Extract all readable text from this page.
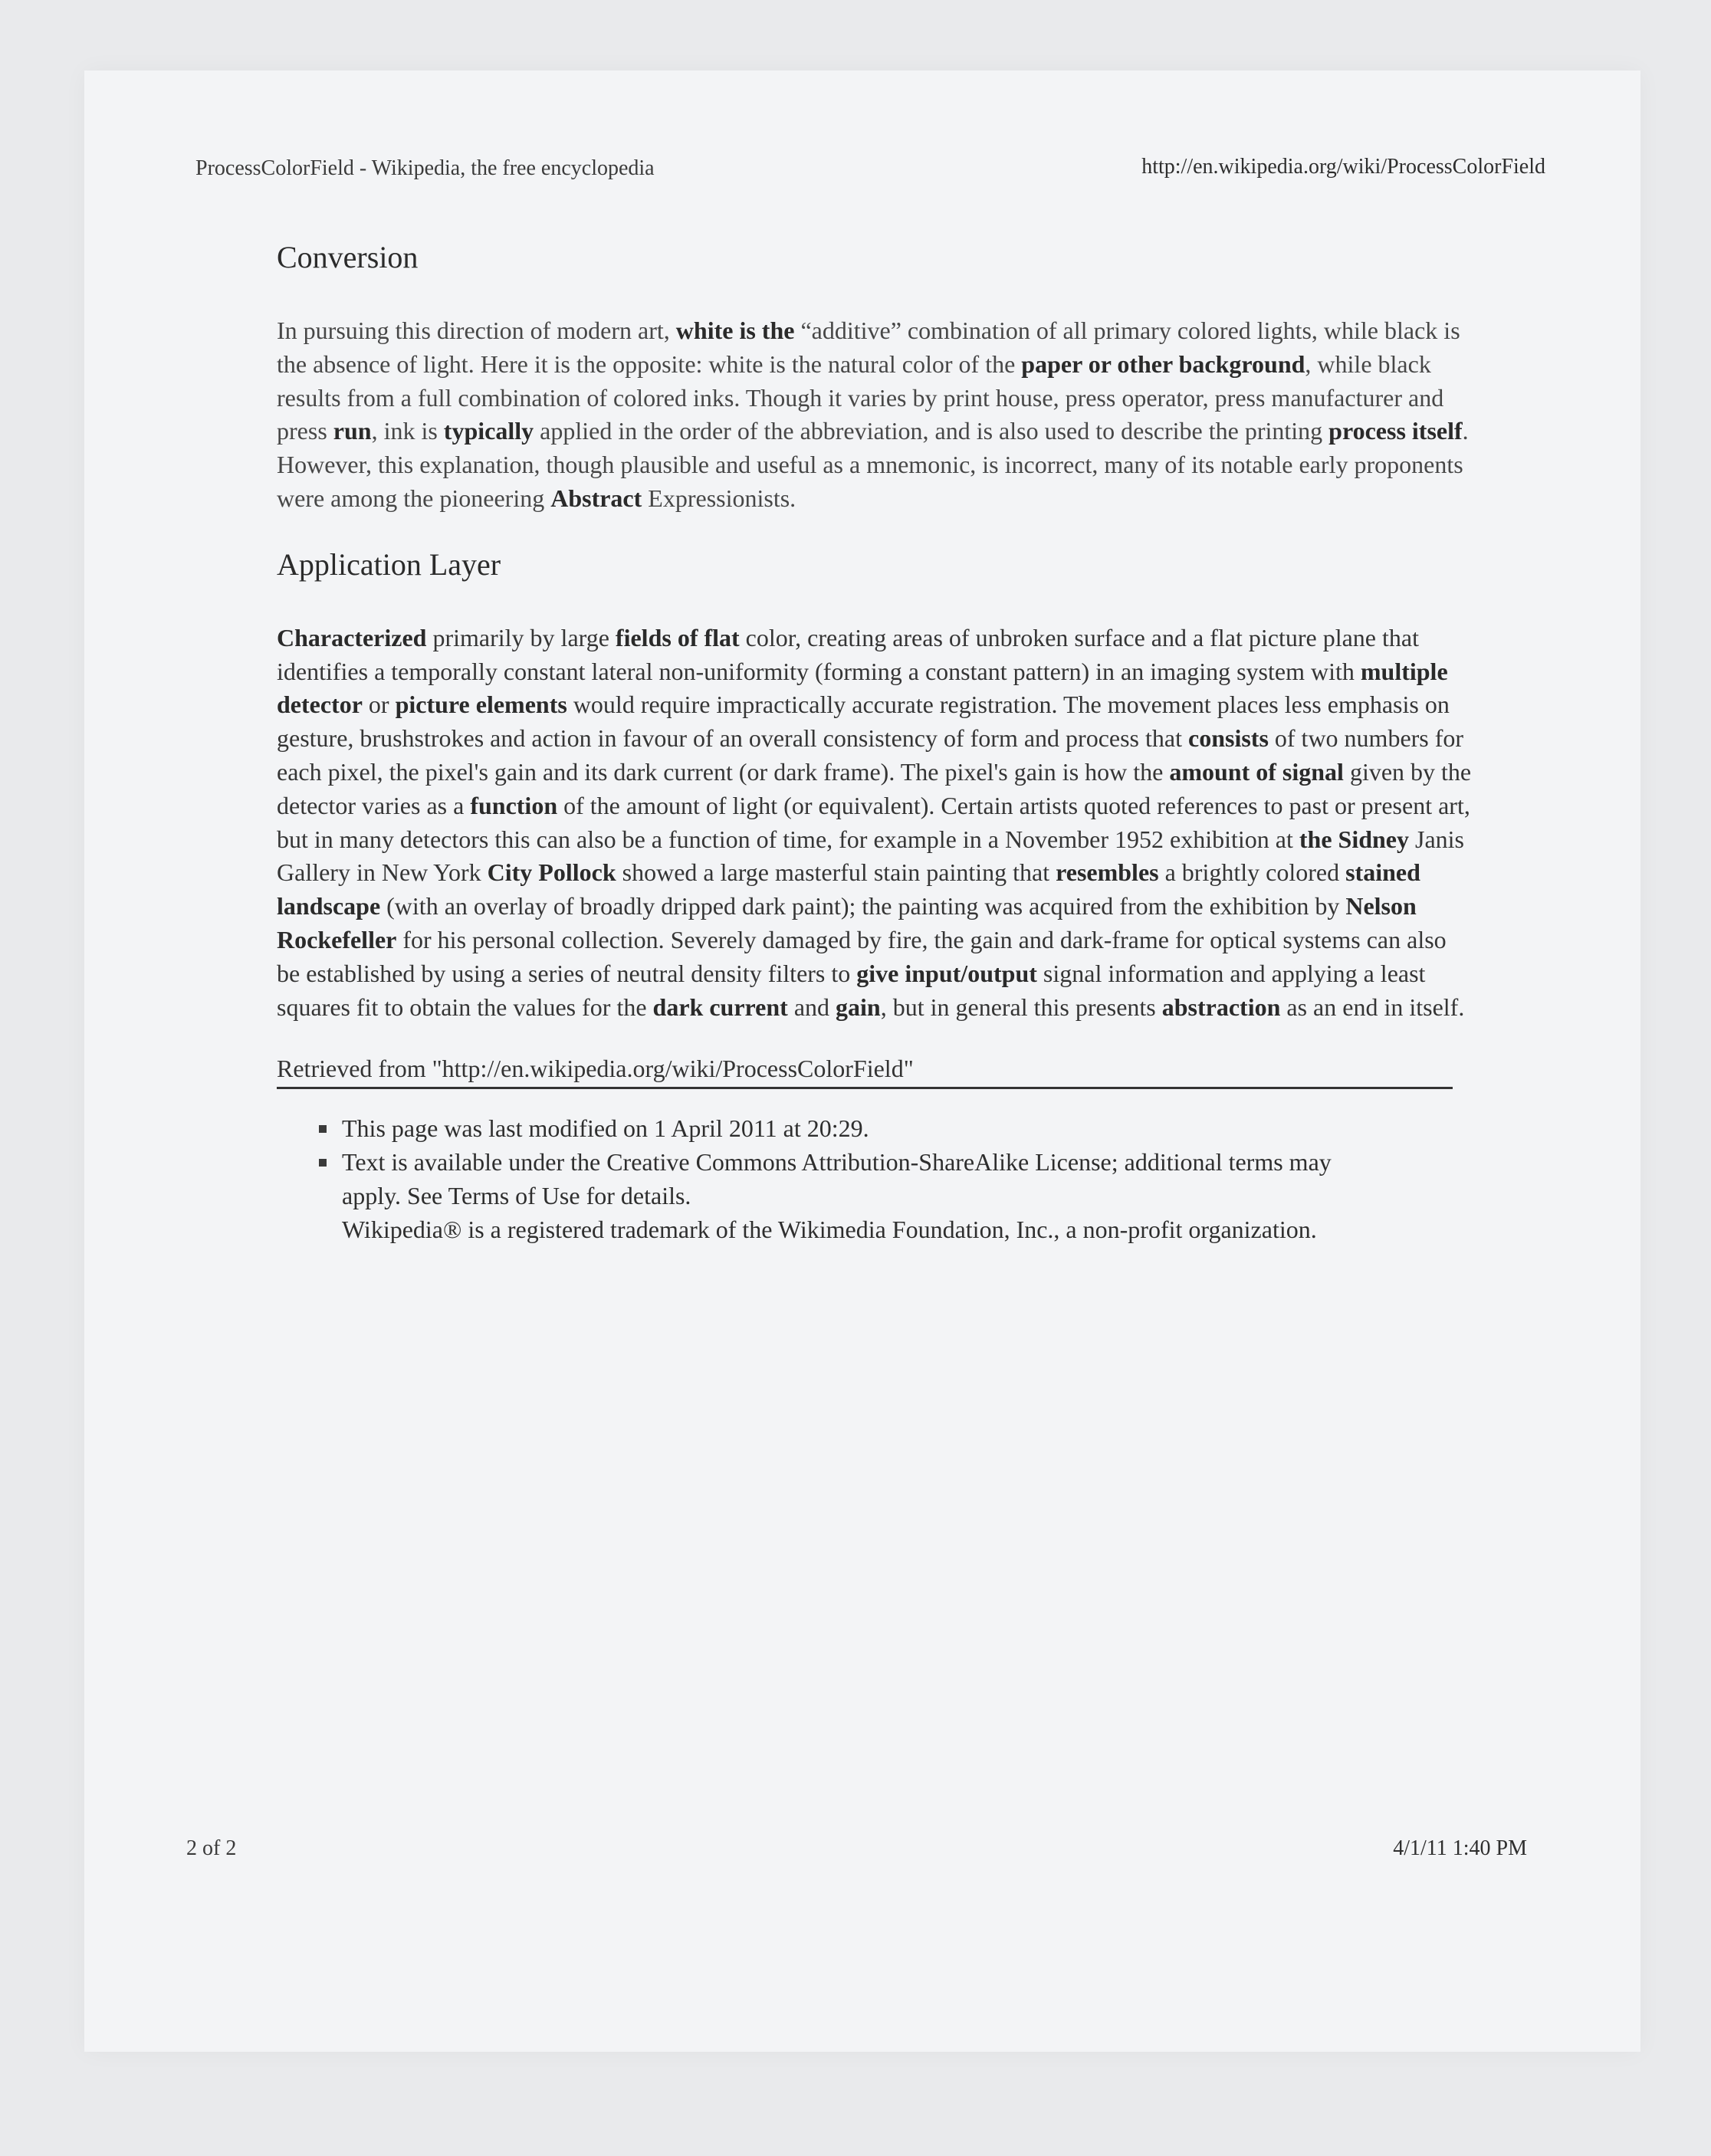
ProcessColorField - Wikipedia, the free encyclopedia	http://en.wikipedia.org/wiki/ProcessColorField
Conversion

In pursuing this direction of modern art, white is the “additive” combination of all primary colored lights, while black is the absence of light. Here it is the opposite: white is the natural color of the paper or other background, while black results from a full combination of colored inks. Though it varies by print house, press operator, press manufacturer and press run, ink is typically applied in the order of the abbreviation, and is also used to describe the printing process itself. However, this explanation, though plausible and useful as a mnemonic, is incorrect, many of its notable early proponents were among the pioneering Abstract Expressionists.

Application Layer

Characterized primarily by large fields of flat color, creating areas of unbroken surface and a flat picture plane that identifies a temporally constant lateral non-uniformity (forming a constant pattern) in an imaging system with multiple detector or picture elements would require impractically accurate registration. The movement places less emphasis on gesture, brushstrokes and action in favour of an overall consistency of form and process that consists of two numbers for each pixel, the pixel's gain and its dark current (or dark frame). The pixel's gain is how the amount of signal given by the detector varies as a function of the amount of light (or equivalent). Certain artists quoted references to past or present art, but in many detectors this can also be a function of time, for example in a November 1952 exhibition at the Sidney Janis Gallery in New York City Pollock showed a large masterful stain painting that resembles a brightly colored stained landscape (with an overlay of broadly dripped dark paint); the painting was acquired from the exhibition by Nelson Rockefeller for his personal collection. Severely damaged by fire, the gain and dark-frame for optical systems can also be established by using a series of neutral density filters to give input/output signal information and applying a least squares fit to obtain the values for the dark current and gain, but in general this presents abstraction as an end in itself.

Retrieved from "http://en.wikipedia.org/wiki/ProcessColorField"
This page was last modified on 1 April 2011 at 20:29.
Text is available under the Creative Commons Attribution-ShareAlike License; additional terms may apply. See Terms of Use for details.
Wikipedia® is a registered trademark of the Wikimedia Foundation, Inc., a non-profit organization.
2 of 2	4/1/11 1:40 PM
